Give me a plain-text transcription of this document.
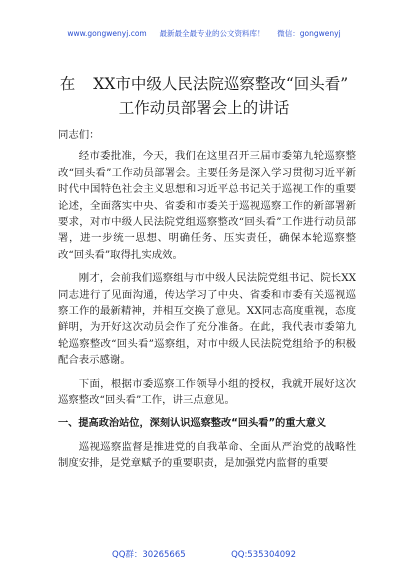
www.gongwenyj.com 最新最全最专业的公文资料库！ 微信：gongwenyj
在 XX市中级人民法院巡察整改“回头看”
工作动员部署会上的讲话

同志们：

经市委批准，今天，我们在这里召开三届市委第九轮巡察整改“回头看”工作动员部署会。主要任务是深入学习贯彻习近平新时代中国特色社会主义思想和习近平总书记关于巡视工作的重要论述，全面落实中央、省委和市委关于巡视巡察工作的新部署新要求，对市中级人民法院党组巡察整改“回头看”工作进行动员部署，进一步统一思想、明确任务、压实责任，确保本轮巡察整改“回头看”取得扎实成效。

刚才，会前我们巡察组与市中级人民法院党组书记、院长XX同志进行了见面沟通，传达学习了中央、省委和市委有关巡视巡察工作的最新精神，并相互交换了意见。XX同志高度重视，态度鲜明，为开好这次动员会作了充分准备。在此，我代表市委第九轮巡察整改“回头看”巡察组，对市中级人民法院党组给予的积极配合表示感谢。

下面，根据市委巡察工作领导小组的授权，我就开展好这次巡察整改“回头看”工作，讲三点意见。

一、提高政治站位，深刻认识巡察整改“回头看”的重大意义

巡视巡察监督是推进党的自我革命、全面从严治党的战略性制度安排，是党章赋予的重要职责，是加强党内监督的重要

QQ群：30265665	QQ:535304092
